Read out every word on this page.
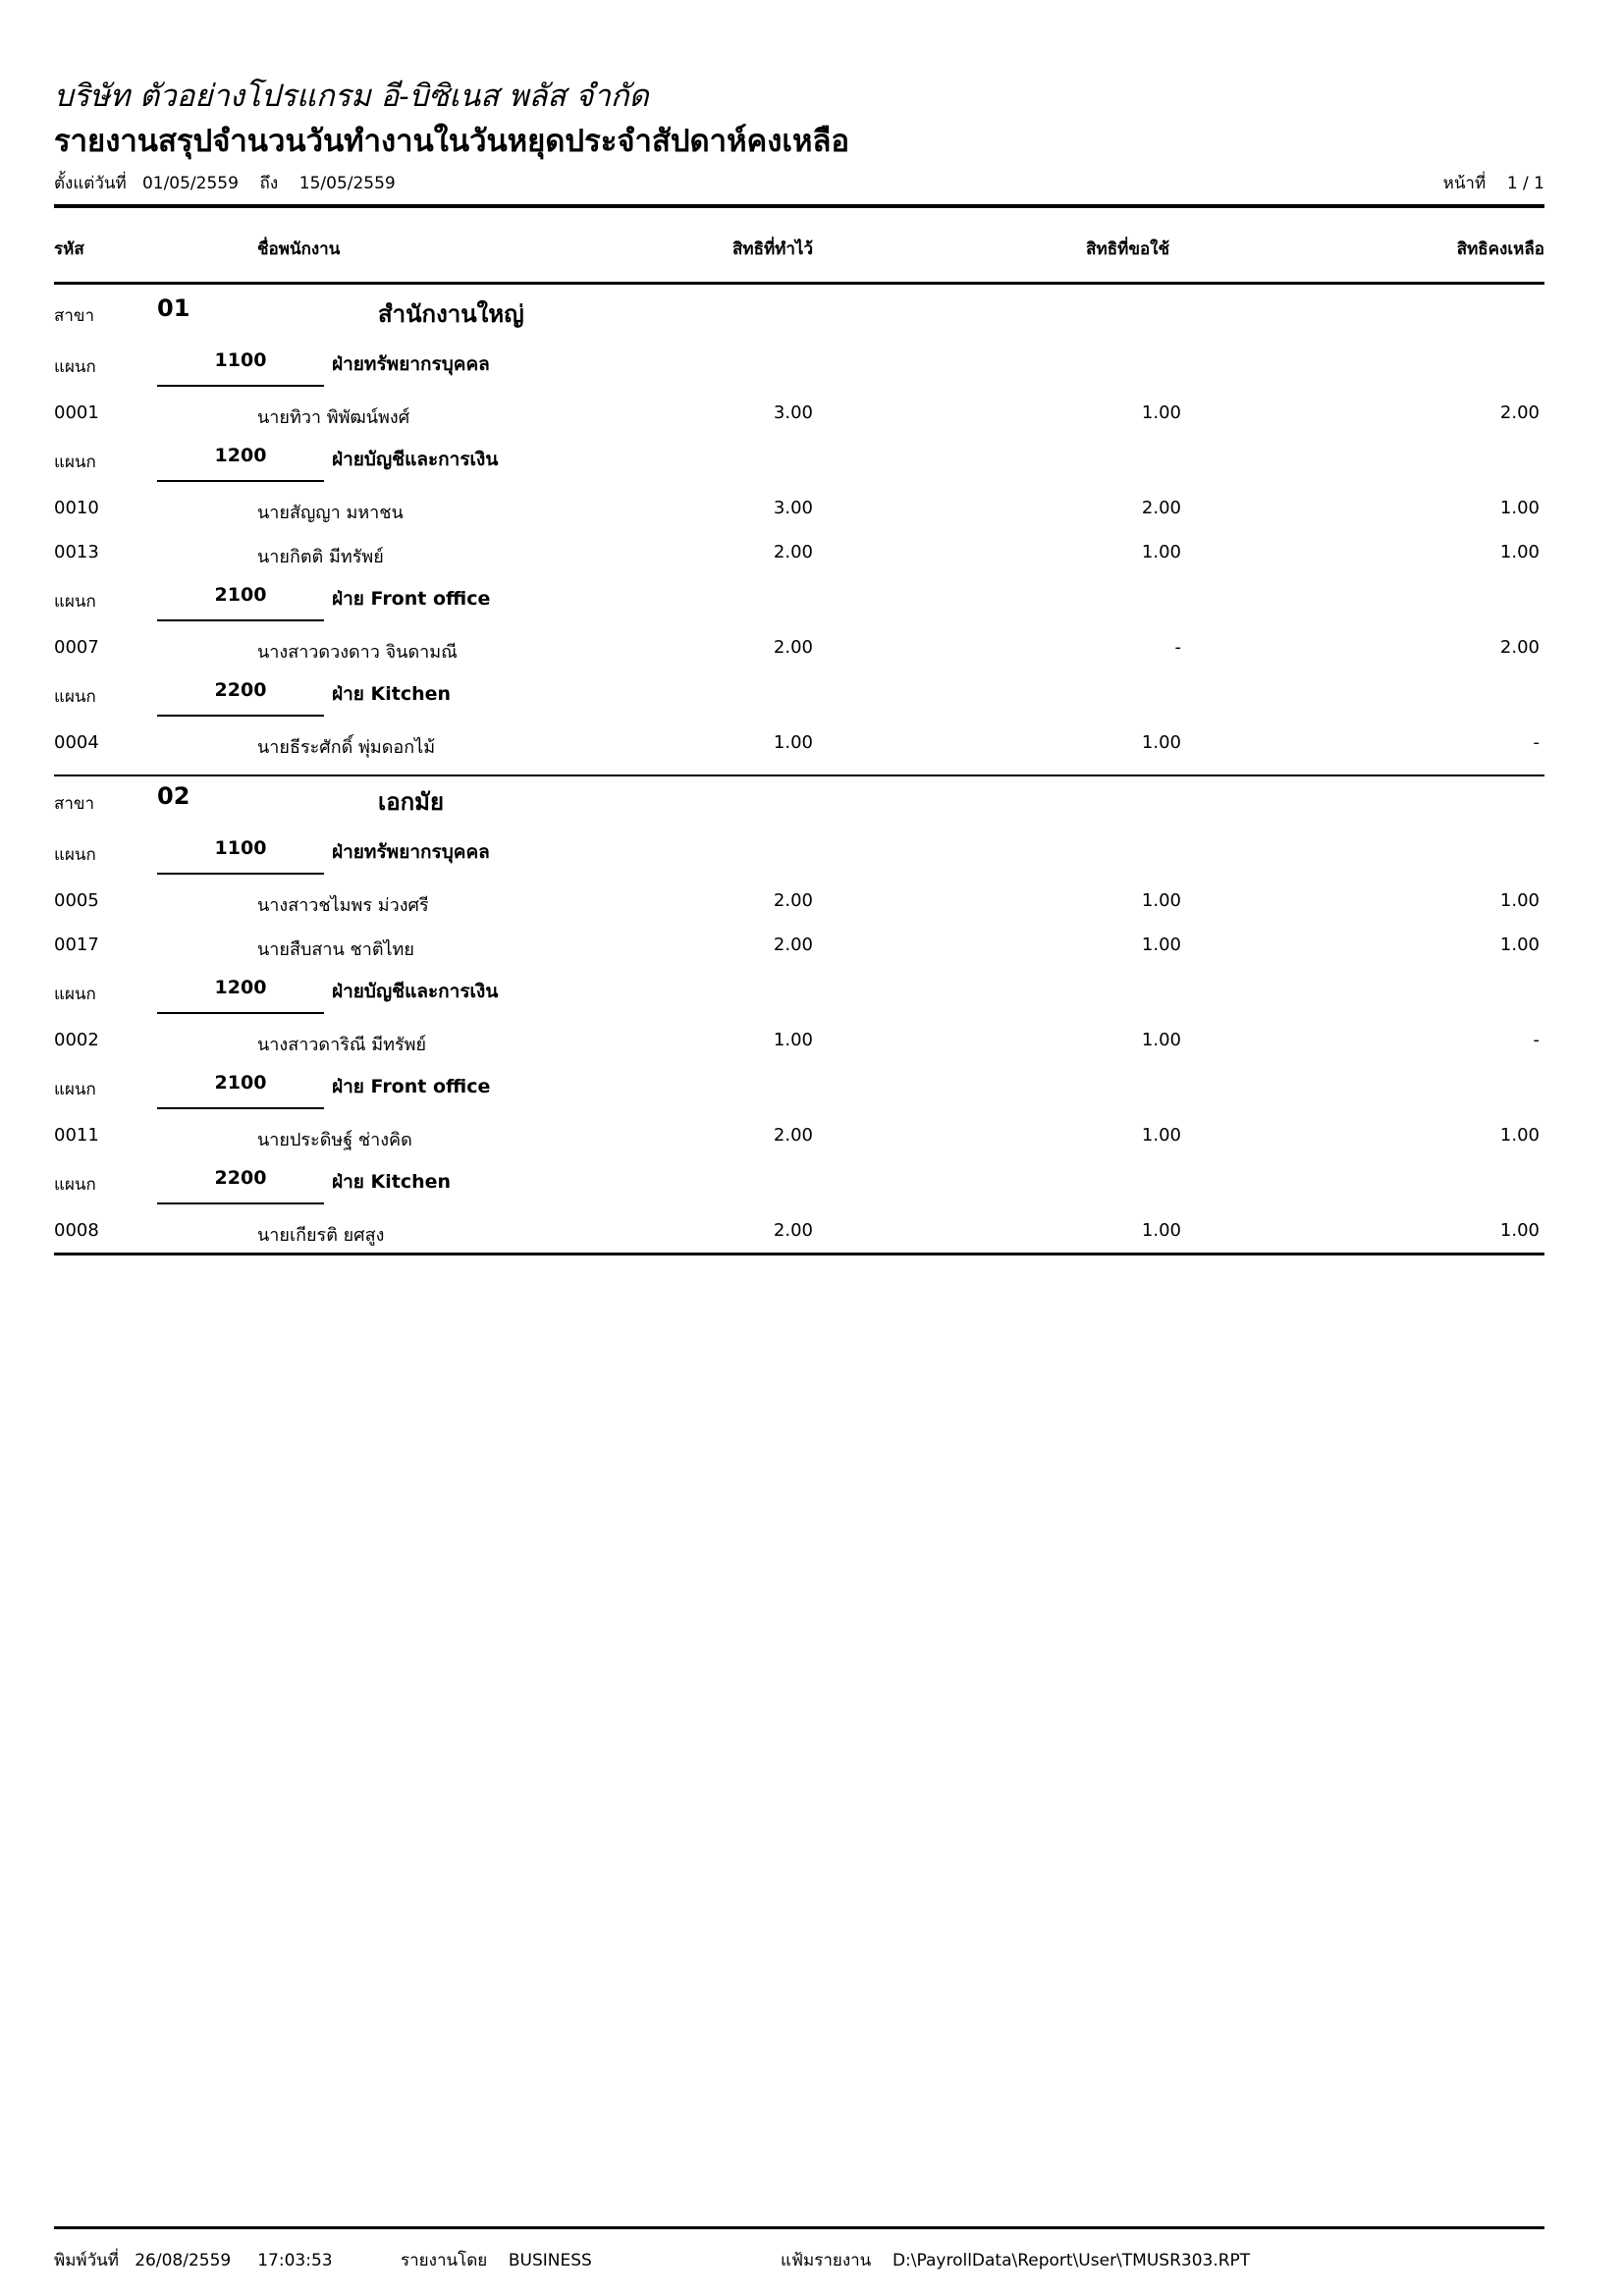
บริษัท ตัวอย่างโปรแกรม อี-บิซิเนส พลัส จำกัด
รายงานสรุปจำนวนวันทำงานในวันหยุดประจำสัปดาห์คงเหลือ
ตั้งแต่วันที่ 01/05/2559 ถึง 15/05/2559	หน้าที่ 1 / 1
รหัส	ชื่อพนักงาน	สิทธิที่ทำไว้	สิทธิที่ขอใช้	สิทธิคงเหลือ
สาขา	01	สำนักงานใหญ่
แผนก	1100	ฝ่ายทรัพยากรบุคคล
0001	นายทิวา พิพัฒน์พงศ์	3.00	1.00	2.00
แผนก	1200	ฝ่ายบัญชีและการเงิน
0010	นายสัญญา มหาชน	3.00	2.00	1.00
0013	นายกิตติ มีทรัพย์	2.00	1.00	1.00
แผนก	2100	ฝ่าย Front office
0007	นางสาวดวงดาว จินดามณี	2.00	-	2.00
แผนก	2200	ฝ่าย Kitchen
0004	นายธีระศักดิ์ พุ่มดอกไม้	1.00	1.00	-
สาขา	02	เอกมัย
แผนก	1100	ฝ่ายทรัพยากรบุคคล
0005	นางสาวชไมพร ม่วงศรี	2.00	1.00	1.00
0017	นายสืบสาน ชาติไทย	2.00	1.00	1.00
แผนก	1200	ฝ่ายบัญชีและการเงิน
0002	นางสาวดาริณี มีทรัพย์	1.00	1.00	-
แผนก	2100	ฝ่าย Front office
0011	นายประดิษฐ์ ช่างคิด	2.00	1.00	1.00
แผนก	2200	ฝ่าย Kitchen
0008	นายเกียรติ ยศสูง	2.00	1.00	1.00
พิมพ์วันที่ 26/08/2559 17:03:53	รายงานโดย BUSINESS	แฟ้มรายงาน D:\PayrollData\Report\User\TMUSR303.RPT
